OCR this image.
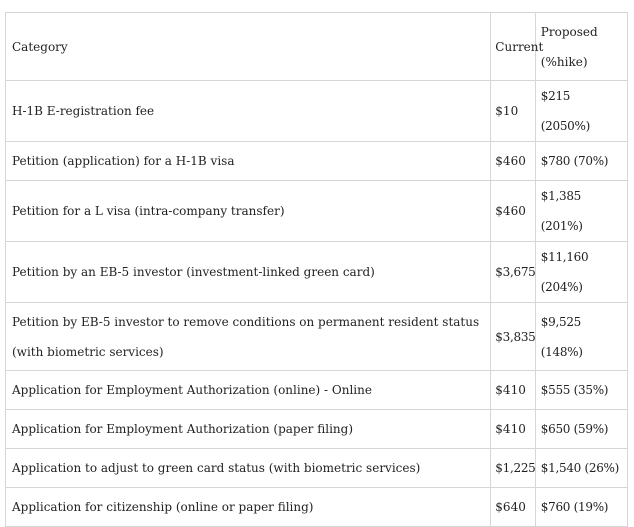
Category	Current	Proposed
(%hike)
H-1B E-registration fee	$10	$215 (2050%)
Petition (application) for a H-1B visa	$460	$780 (70%)
Petition for a L visa (intra-company transfer)	$460	$1,385 (201%)
Petition by an EB-5 investor (investment-linked green card)	$3,675	$11,160 (204%)
Petition by EB-5 investor to remove conditions on permanent resident status
(with biometric services)	$3,835	$9,525 (148%)
Application for Employment Authorization (online) - Online	$410	$555 (35%)
Application for Employment Authorization (paper filing)	$410	$650 (59%)
Application to adjust to green card status (with biometric services)	$1,225	$1,540 (26%)
Application for citizenship (online or paper filing)	$640	$760 (19%)
